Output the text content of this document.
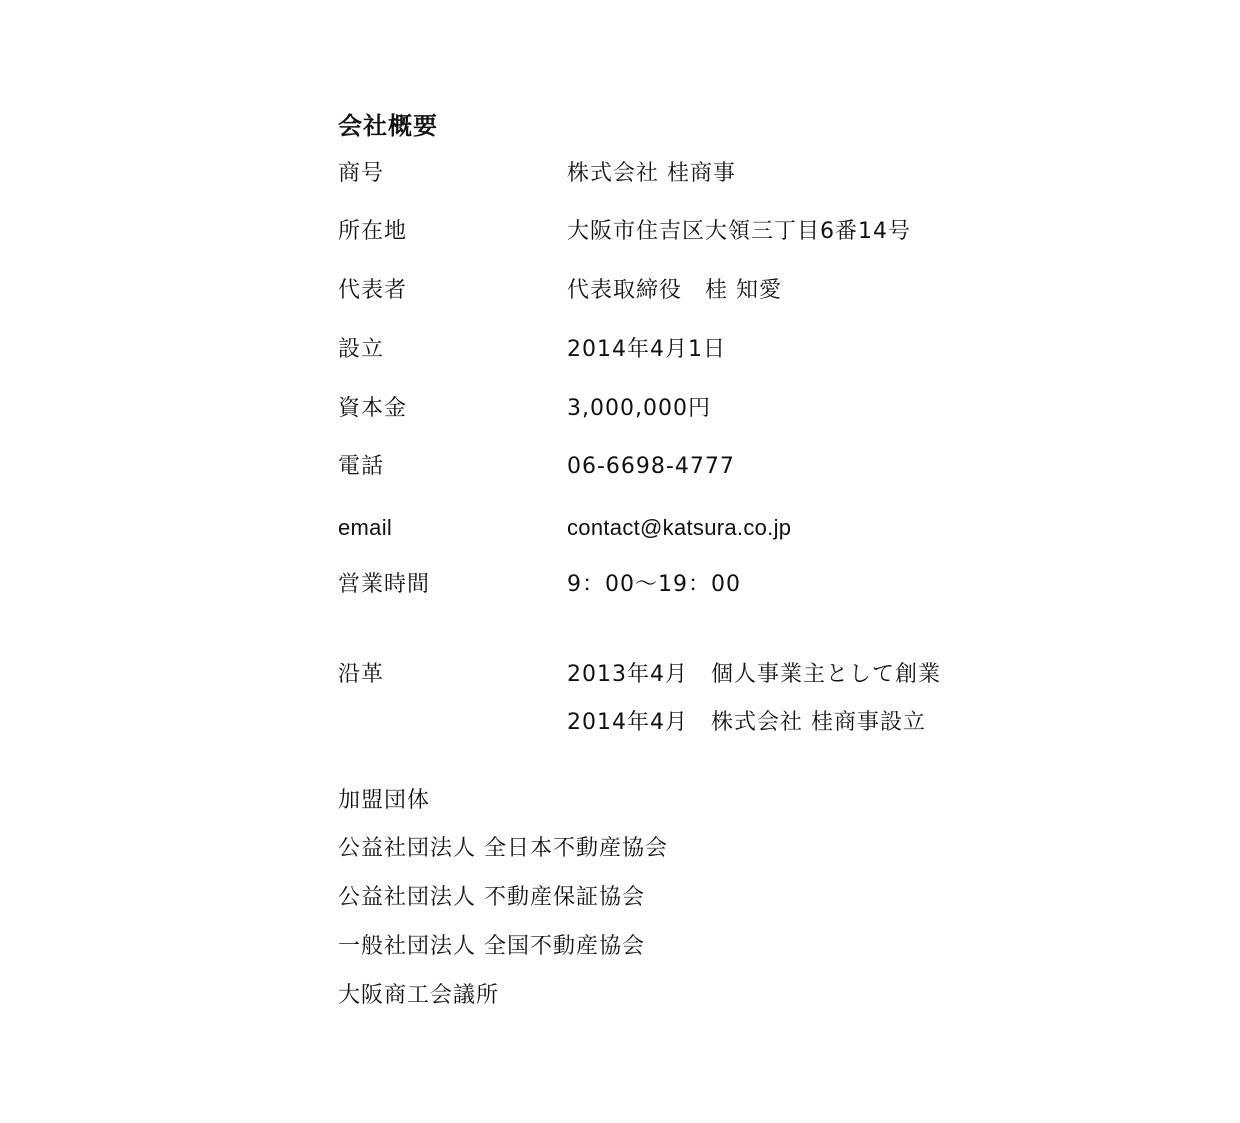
会社概要
商号	株式会社 桂商事
所在地	大阪市住吉区大領三丁目6番14号
代表者	代表取締役　桂 知愛
設立	2014年4月1日
資本金	3,000,000円
電話	06-6698-4777
email	contact@katsura.co.jp
営業時間	9：00～19：00
沿革	2013年4月　個人事業主として創業
2014年4月　株式会社 桂商事設立
加盟団体
公益社団法人 全日本不動産協会
公益社団法人 不動産保証協会
一般社団法人 全国不動産協会
大阪商工会議所
